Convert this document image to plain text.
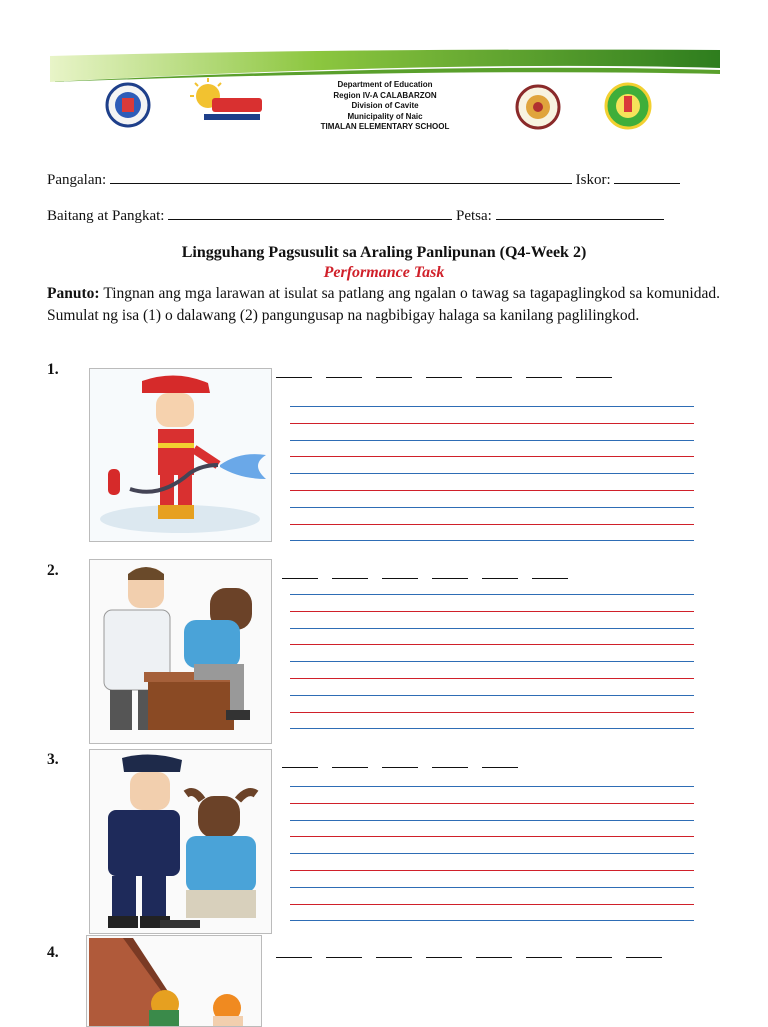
Department of Education
Region IV-A CALABARZON
Division of Cavite
Municipality of Naic
TIMALAN ELEMENTARY SCHOOL
Pangalan:	Iskor:
Baitang at Pangkat:	Petsa:
Lingguhang Pagsusulit sa Araling Panlipunan (Q4-Week 2)
Performance Task
Panuto: Tingnan ang mga larawan at isulat sa patlang ang ngalan o tawag sa tagapaglingkod sa komunidad. Sumulat ng isa (1) o dalawang (2) pangungusap na nagbibigay halaga sa kanilang paglilingkod.
1.
2.
3.
4.
